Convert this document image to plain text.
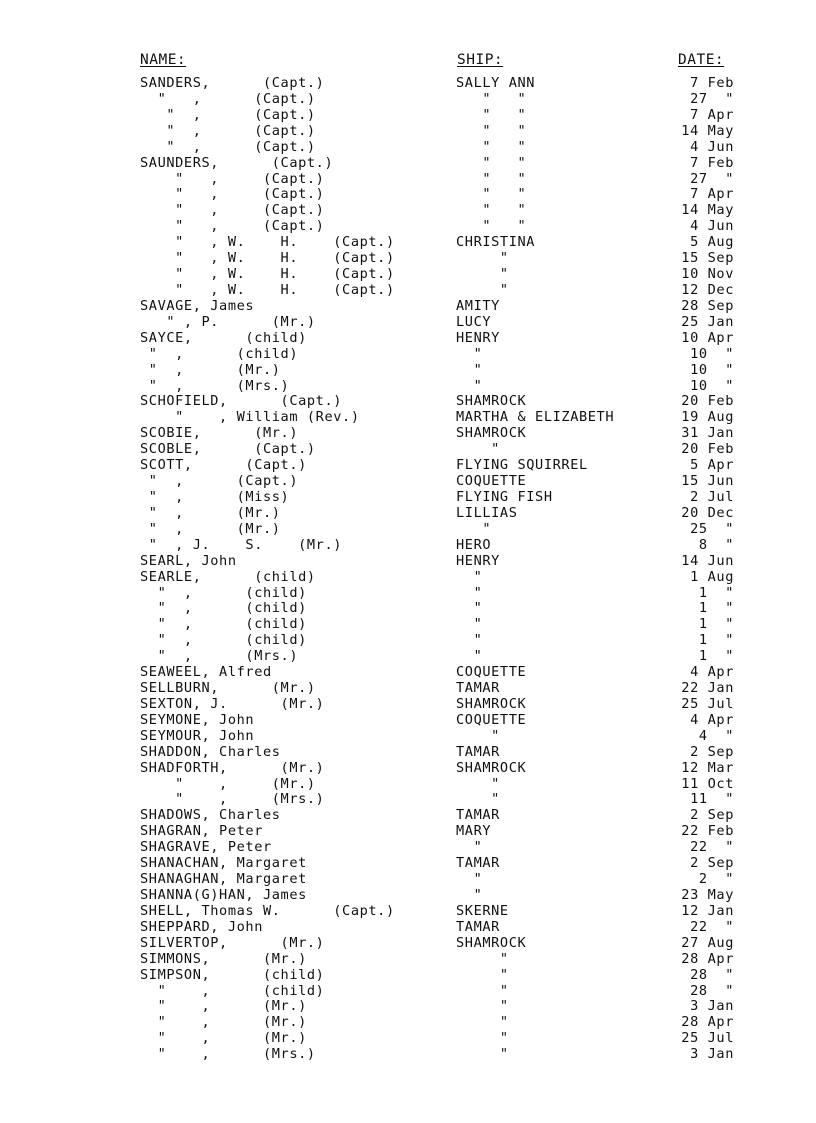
NAME:	SHIP:	DATE:
SANDERS,      (Capt.)	SALLY ANN	7 Feb
"   ,      (Capt.)	"   "	27  "
"  ,      (Capt.)	"   "	7 Apr
"  ,      (Capt.)	"   "	14 May
"  ,      (Capt.)	"   "	4 Jun
SAUNDERS,      (Capt.)	"   "	7 Feb
"   ,     (Capt.)	"   "	27  "
"   ,     (Capt.)	"   "	7 Apr
"   ,     (Capt.)	"   "	14 May
"   ,     (Capt.)	"   "	4 Jun
"   , W.    H.    (Capt.)	CHRISTINA	5 Aug
"   , W.    H.    (Capt.)	"	15 Sep
"   , W.    H.    (Capt.)	"	10 Nov
"   , W.    H.    (Capt.)	"	12 Dec
SAVAGE, James	AMITY	28 Sep
" , P.      (Mr.)	LUCY	25 Jan
SAYCE,      (child)	HENRY	10 Apr
"  ,      (child)	"	10  "
"  ,      (Mr.)	"	10  "
"  ,      (Mrs.)	"	10  "
SCHOFIELD,      (Capt.)	SHAMROCK	20 Feb
"    , William (Rev.)	MARTHA & ELIZABETH	19 Aug
SCOBIE,      (Mr.)	SHAMROCK	31 Jan
SCOBLE,      (Capt.)	"	20 Feb
SCOTT,      (Capt.)	FLYING SQUIRREL	5 Apr
"  ,      (Capt.)	COQUETTE	15 Jun
"  ,      (Miss)	FLYING FISH	2 Jul
"  ,      (Mr.)	LILLIAS	20 Dec
"  ,      (Mr.)	"	25  "
"  , J.    S.    (Mr.)	HERO	8  "
SEARL, John	HENRY	14 Jun
SEARLE,      (child)	"	1 Aug
"  ,      (child)	"	1  "
"  ,      (child)	"	1  "
"  ,      (child)	"	1  "
"  ,      (child)	"	1  "
"  ,      (Mrs.)	"	1  "
SEAWEEL, Alfred	COQUETTE	4 Apr
SELLBURN,      (Mr.)	TAMAR	22 Jan
SEXTON, J.      (Mr.)	SHAMROCK	25 Jul
SEYMONE, John	COQUETTE	4 Apr
SEYMOUR, John	"	4  "
SHADDON, Charles	TAMAR	2 Sep
SHADFORTH,      (Mr.)	SHAMROCK	12 Mar
"    ,     (Mr.)	"	11 Oct
"    ,     (Mrs.)	"	11  "
SHADOWS, Charles	TAMAR	2 Sep
SHAGRAN, Peter	MARY	22 Feb
SHAGRAVE, Peter	"	22  "
SHANACHAN, Margaret	TAMAR	2 Sep
SHANAGHAN, Margaret	"	2  "
SHANNA(G)HAN, James	"	23 May
SHELL, Thomas W.      (Capt.)	SKERNE	12 Jan
SHEPPARD, John	TAMAR	22  "
SILVERTOP,      (Mr.)	SHAMROCK	27 Aug
SIMMONS,      (Mr.)	"	28 Apr
SIMPSON,      (child)	"	28  "
"    ,      (child)	"	28  "
"    ,      (Mr.)	"	3 Jan
"    ,      (Mr.)	"	28 Apr
"    ,      (Mr.)	"	25 Jul
"    ,      (Mrs.)	"	3 Jan
